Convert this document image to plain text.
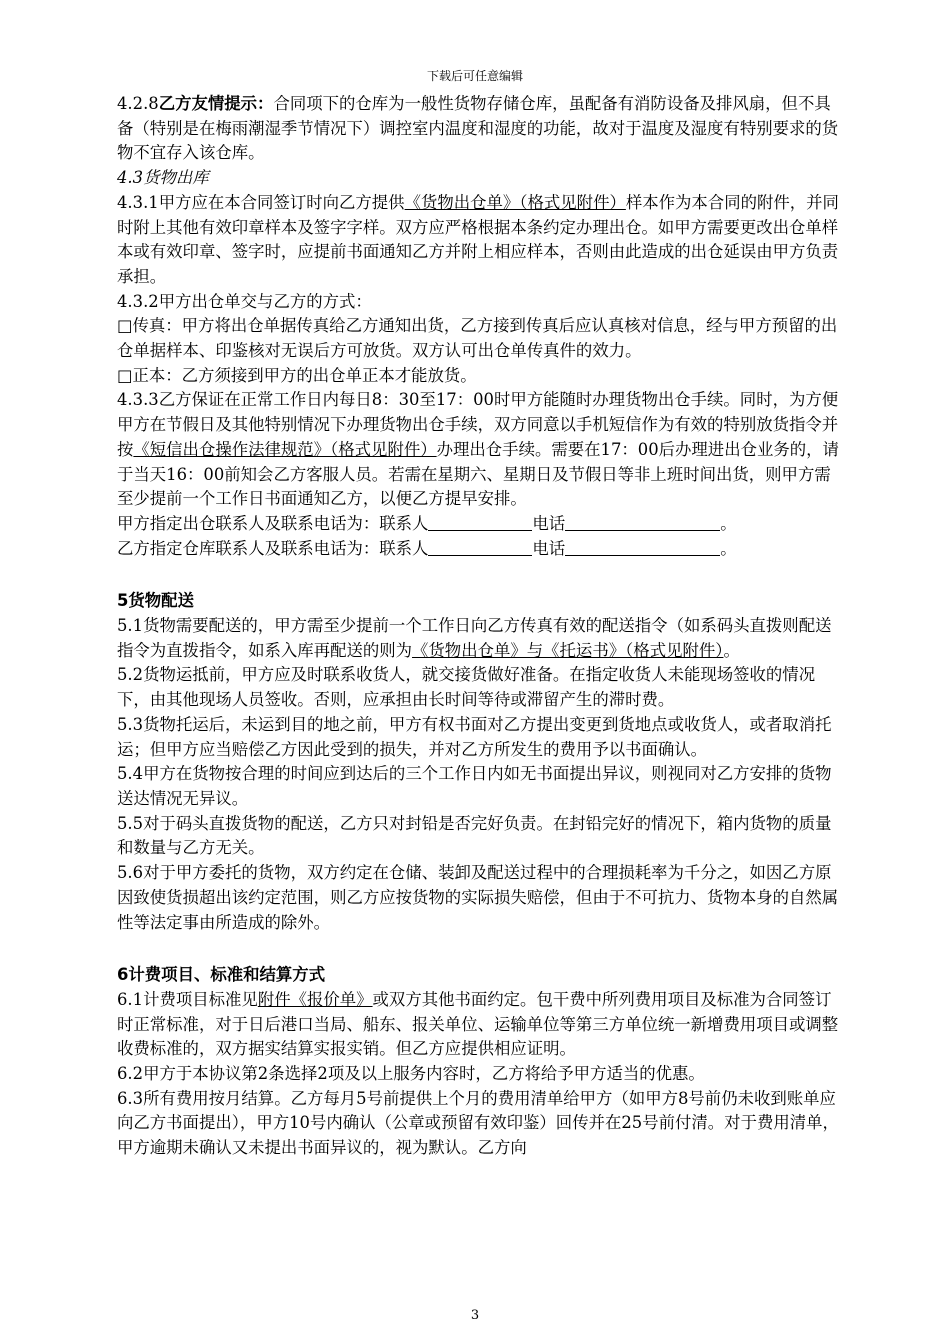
下载后可任意编辑

4.2.8乙方友情提示：合同项下的仓库为一般性货物存储仓库，虽配备有消防设备及排风扇，但不具备（特别是在梅雨潮湿季节情况下）调控室内温度和湿度的功能，故对于温度及湿度有特别要求的货物不宜存入该仓库。

4.3货物出库

4.3.1甲方应在本合同签订时向乙方提供《货物出仓单》（格式见附件）样本作为本合同的附件，并同时附上其他有效印章样本及签字字样。双方应严格根据本条约定办理出仓。如甲方需要更改出仓单样本或有效印章、签字时，应提前书面通知乙方并附上相应样本，否则由此造成的出仓延误由甲方负责承担。

4.3.2甲方出仓单交与乙方的方式：

□传真：甲方将出仓单据传真给乙方通知出货，乙方接到传真后应认真核对信息，经与甲方预留的出仓单据样本、印鉴核对无误后方可放货。双方认可出仓单传真件的效力。

□正本：乙方须接到甲方的出仓单正本才能放货。

4.3.3乙方保证在正常工作日内每日8：30至17：00时甲方能随时办理货物出仓手续。同时，为方便甲方在节假日及其他特别情况下办理货物出仓手续，双方同意以手机短信作为有效的特别放货指令并按《短信出仓操作法律规范》（格式见附件）办理出仓手续。需要在17：00后办理进出仓业务的，请于当天16：00前知会乙方客服人员。若需在星期六、星期日及节假日等非上班时间出货，则甲方需至少提前一个工作日书面通知乙方，以便乙方提早安排。

甲方指定出仓联系人及联系电话为：联系人	电话	。

乙方指定仓库联系人及联系电话为：联系人	电话	。

5货物配送

5.1货物需要配送的，甲方需至少提前一个工作日向乙方传真有效的配送指令（如系码头直拨则配送指令为直拨指令，如系入库再配送的则为《货物出仓单》与《托运书》（格式见附件）。

5.2货物运抵前，甲方应及时联系收货人，就交接货做好准备。在指定收货人未能现场签收的情况下，由其他现场人员签收。否则，应承担由长时间等待或滞留产生的滞时费。

5.3货物托运后，未运到目的地之前，甲方有权书面对乙方提出变更到货地点或收货人，或者取消托运；但甲方应当赔偿乙方因此受到的损失，并对乙方所发生的费用予以书面确认。

5.4甲方在货物按合理的时间应到达后的三个工作日内如无书面提出异议，则视同对乙方安排的货物送达情况无异议。

5.5对于码头直拨货物的配送，乙方只对封铅是否完好负责。在封铅完好的情况下，箱内货物的质量和数量与乙方无关。

5.6对于甲方委托的货物，双方约定在仓储、装卸及配送过程中的合理损耗率为千分之，如因乙方原因致使货损超出该约定范围，则乙方应按货物的实际损失赔偿，但由于不可抗力、货物本身的自然属性等法定事由所造成的除外。

6计费项目、标准和结算方式

6.1计费项目标准见附件《报价单》或双方其他书面约定。包干费中所列费用项目及标准为合同签订时正常标准，对于日后港口当局、船东、报关单位、运输单位等第三方单位统一新增费用项目或调整收费标准的，双方据实结算实报实销。但乙方应提供相应证明。

6.2甲方于本协议第2条选择2项及以上服务内容时，乙方将给予甲方适当的优惠。

6.3所有费用按月结算。乙方每月5号前提供上个月的费用清单给甲方（如甲方8号前仍未收到账单应向乙方书面提出），甲方10号内确认（公章或预留有效印鉴）回传并在25号前付清。对于费用清单，甲方逾期未确认又未提出书面异议的，视为默认。乙方向

3
